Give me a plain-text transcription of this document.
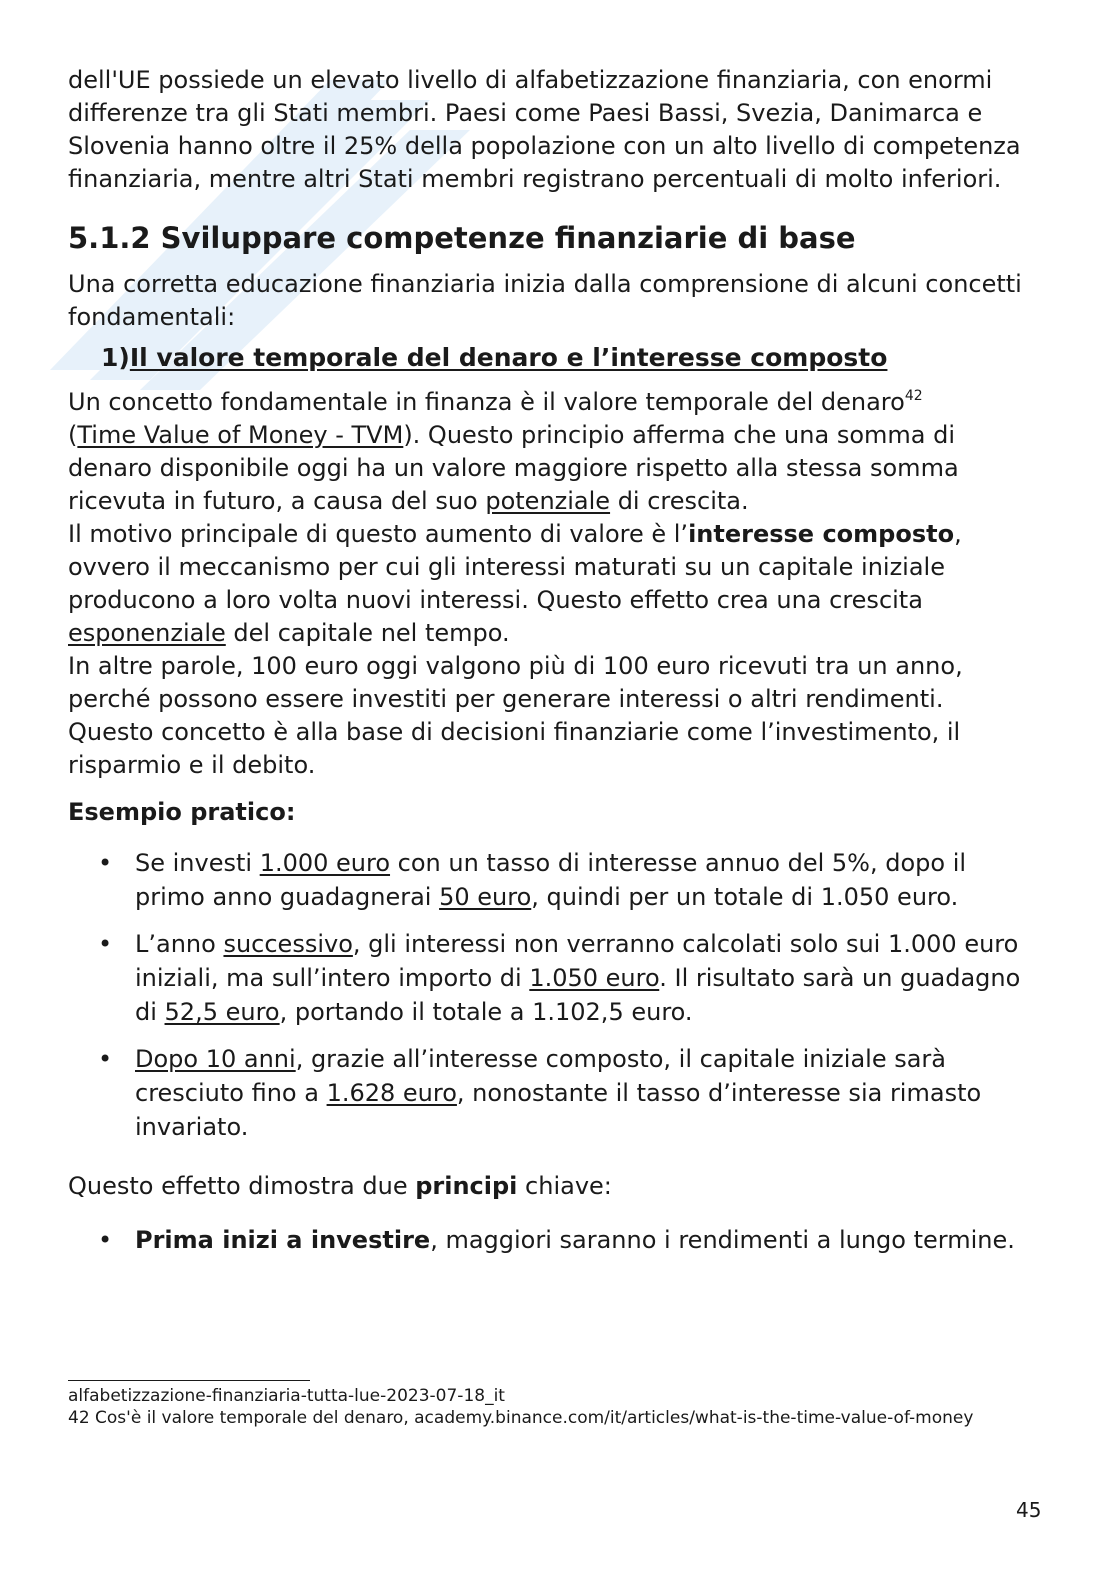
dell'UE possiede un elevato livello di alfabetizzazione finanziaria, con enormi differenze tra gli Stati membri. Paesi come Paesi Bassi, Svezia, Danimarca e Slovenia hanno oltre il 25% della popolazione con un alto livello di competenza finanziaria, mentre altri Stati membri registrano percentuali di molto inferiori.

5.1.2 Sviluppare competenze finanziarie di base

Una corretta educazione finanziaria inizia dalla comprensione di alcuni concetti fondamentali:

1)Il valore temporale del denaro e l’interesse composto

Un concetto fondamentale in finanza è il valore temporale del denaro$^{42}$
(Time Value of Money - TVM). Questo principio afferma che una somma di denaro disponibile oggi ha un valore maggiore rispetto alla stessa somma ricevuta in futuro, a causa del suo potenziale di crescita.

Il motivo principale di questo aumento di valore è l’interesse composto, ovvero il meccanismo per cui gli interessi maturati su un capitale iniziale producono a loro volta nuovi interessi. Questo effetto crea una crescita esponenziale del capitale nel tempo.

In altre parole, 100 euro oggi valgono più di 100 euro ricevuti tra un anno, perché possono essere investiti per generare interessi o altri rendimenti.

Questo concetto è alla base di decisioni finanziarie come l’investimento, il risparmio e il debito.

Esempio pratico:

• Se investi 1.000 euro con un tasso di interesse annuo del 5%, dopo il primo anno guadagnerai 50 euro, quindi per un totale di 1.050 euro.
• L’anno successivo, gli interessi non verranno calcolati solo sui 1.000 euro iniziali, ma sull’intero importo di 1.050 euro. Il risultato sarà un guadagno di 52,5 euro, portando il totale a 1.102,5 euro.
• Dopo 10 anni, grazie all’interesse composto, il capitale iniziale sarà cresciuto fino a 1.628 euro, nonostante il tasso d’interesse sia rimasto invariato.

Questo effetto dimostra due principi chiave:

• Prima inizi a investire, maggiori saranno i rendimenti a lungo termine.
alfabetizzazione-finanziaria-tutta-lue-2023-07-18_it
42 Cos'è il valore temporale del denaro, academy.binance.com/it/articles/what-is-the-time-value-of-money
45
